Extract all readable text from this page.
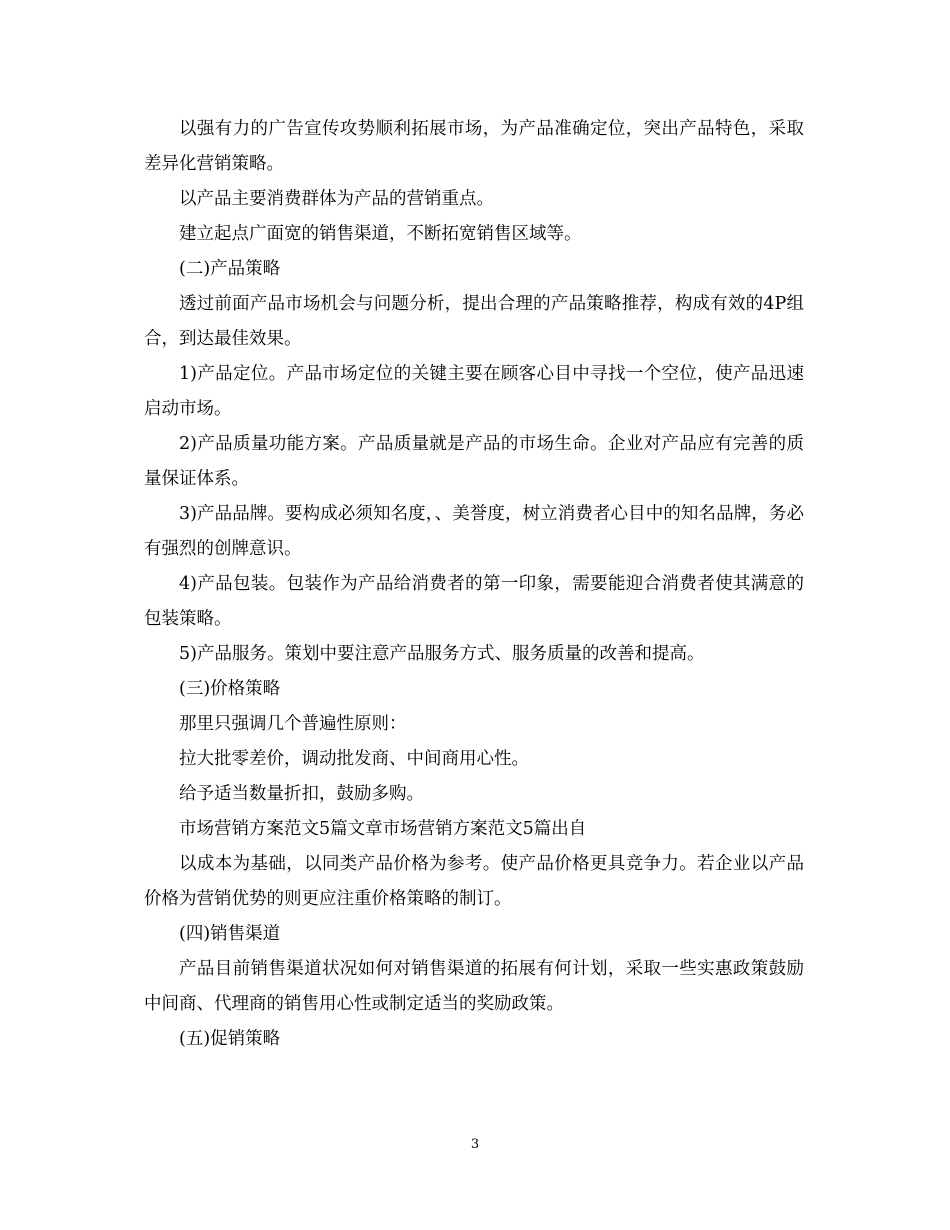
以强有力的广告宣传攻势顺利拓展市场，为产品准确定位，突出产品特色，采取差异化营销策略。

以产品主要消费群体为产品的营销重点。

建立起点广面宽的销售渠道，不断拓宽销售区域等。

(二)产品策略

透过前面产品市场机会与问题分析，提出合理的产品策略推荐，构成有效的4P组合，到达最佳效果。

1)产品定位。产品市场定位的关键主要在顾客心目中寻找一个空位，使产品迅速启动市场。

2)产品质量功能方案。产品质量就是产品的市场生命。企业对产品应有完善的质量保证体系。

3)产品品牌。要构成必须知名度，、美誉度，树立消费者心目中的知名品牌，务必有强烈的创牌意识。

4)产品包装。包装作为产品给消费者的第一印象，需要能迎合消费者使其满意的包装策略。

5)产品服务。策划中要注意产品服务方式、服务质量的改善和提高。

(三)价格策略

那里只强调几个普遍性原则：

拉大批零差价，调动批发商、中间商用心性。

给予适当数量折扣，鼓励多购。

市场营销方案范文5篇文章市场营销方案范文5篇出自

以成本为基础，以同类产品价格为参考。使产品价格更具竞争力。若企业以产品价格为营销优势的则更应注重价格策略的制订。

(四)销售渠道

产品目前销售渠道状况如何对销售渠道的拓展有何计划，采取一些实惠政策鼓励中间商、代理商的销售用心性或制定适当的奖励政策。

(五)促销策略

3
